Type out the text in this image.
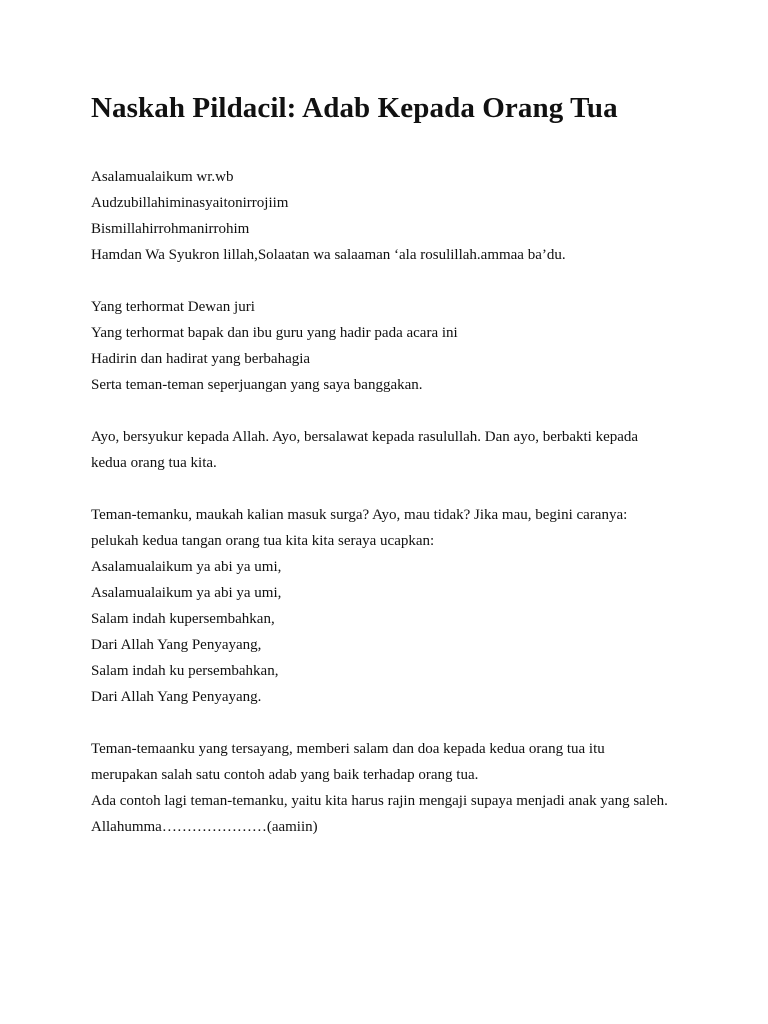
Naskah Pildacil: Adab Kepada Orang Tua
Asalamualaikum wr.wb
Audzubillahiminasyaitonirrojiim
Bismillahirrohmanirrohim
Hamdan Wa Syukron lillah,Solaatan wa salaaman ‘ala rosulillah.ammaa ba’du.
Yang terhormat Dewan juri
Yang terhormat bapak dan ibu guru yang hadir pada acara ini
Hadirin dan hadirat yang berbahagia
Serta teman-teman seperjuangan yang saya banggakan.
Ayo, bersyukur kepada Allah. Ayo, bersalawat kepada rasulullah. Dan ayo, berbakti kepada
kedua orang tua kita.
Teman-temanku, maukah kalian masuk surga? Ayo, mau tidak? Jika mau, begini caranya:
pelukah kedua tangan orang tua kita kita seraya ucapkan:
Asalamualaikum ya abi ya umi,
Asalamualaikum ya abi ya umi,
Salam indah kupersembahkan,
Dari Allah Yang Penyayang,
Salam indah ku persembahkan,
Dari Allah Yang Penyayang.
Teman-temaanku yang tersayang, memberi salam dan doa kepada kedua orang tua itu
merupakan salah satu contoh adab yang baik terhadap orang tua.
Ada contoh lagi teman-temanku, yaitu kita harus rajin mengaji supaya menjadi anak yang saleh.
Allahumma…………………(aamiin)
